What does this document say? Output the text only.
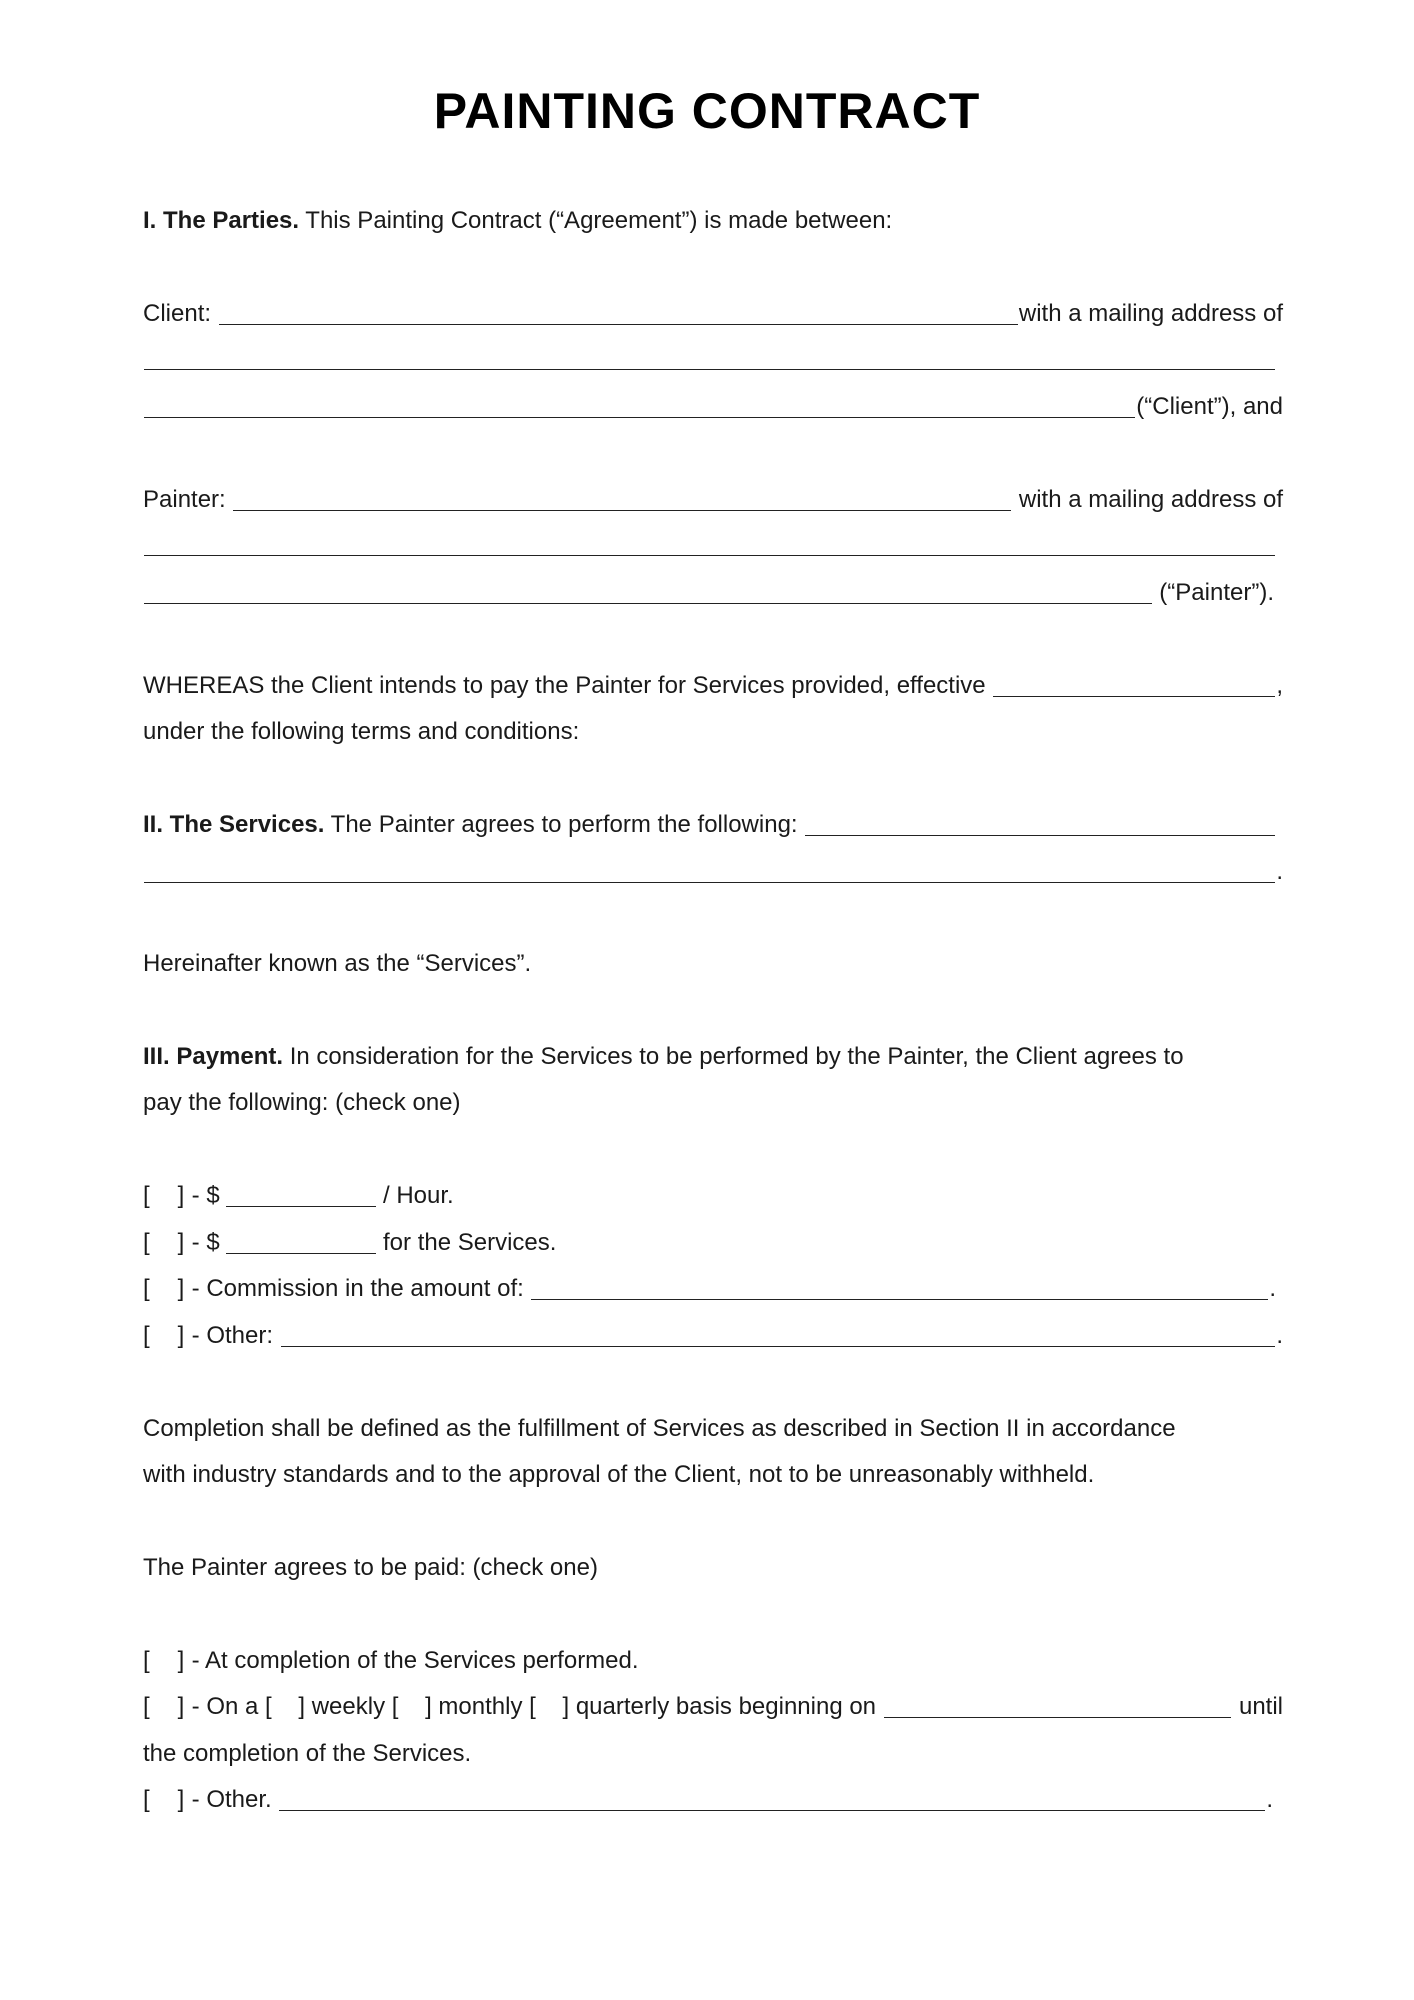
PAINTING CONTRACT
I. The Parties. This Painting Contract (“Agreement”) is made between:
Client:	with a mailing address of
(“Client”), and
Painter:	with a mailing address of
(“Painter”).
WHEREAS the Client intends to pay the Painter for Services provided, effective	,
under the following terms and conditions:
II. The Services. The Painter agrees to perform the following:
.
Hereinafter known as the “Services”.
III. Payment. In consideration for the Services to be performed by the Painter, the Client agrees to
pay the following: (check one)
[   ]
- $	/ Hour.
[   ]
- $	for the Services.
[   ]
- Commission in the amount of:	.
[   ]
- Other:	.
Completion shall be defined as the fulfillment of Services as described in Section II in accordance
with industry standards and to the approval of the Client, not to be unreasonably withheld.
The Painter agrees to be paid: (check one)
[   ]
- At completion of the Services performed.
[   ]
- On a [    ] weekly [    ] monthly [    ] quarterly basis beginning on	until
the completion of the Services.
[   ]
- Other.	.
